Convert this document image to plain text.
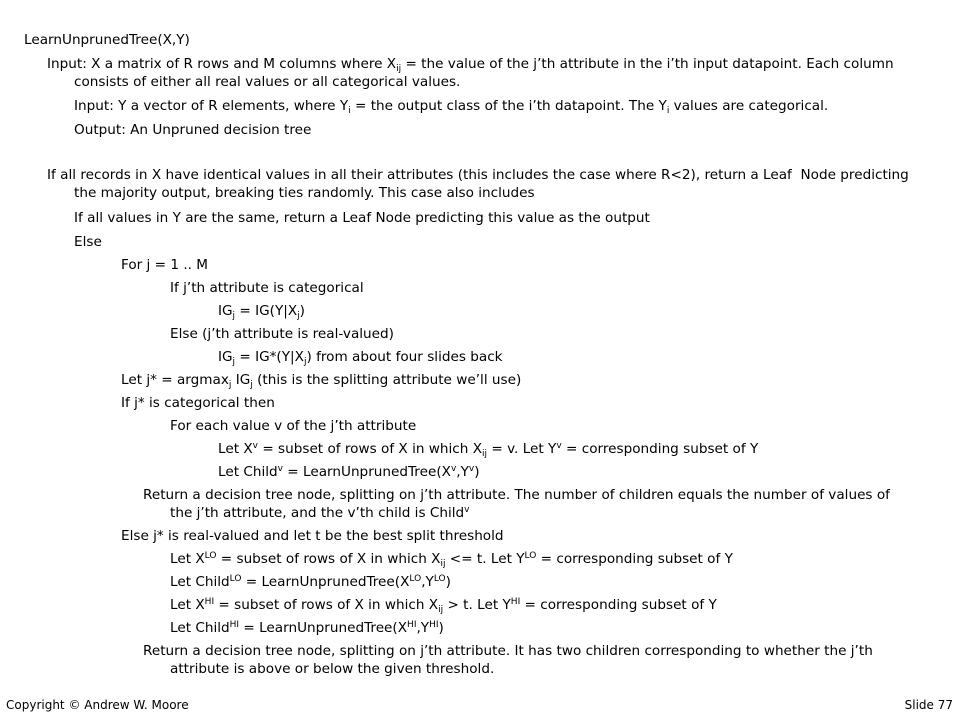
LearnUnprunedTree(X,Y)
Input: X a matrix of R rows and M columns where $X_{ij}$ = the value of the j’th attribute in the i’th input datapoint. Each column consists of either all real values or all categorical values.
Input: Y a vector of R elements, where $Y_i$ = the output class of the i’th datapoint. The $Y_i$ values are categorical.
Output: An Unpruned decision tree
If all records in X have identical values in all their attributes (this includes the case where R<2), return a Leaf  Node predicting the majority output, breaking ties randomly. This case also includes
If all values in Y are the same, return a Leaf Node predicting this value as the output
Else
For j = 1 .. M
If j’th attribute is categorical
$IG_j = IG(Y|X_j)$
Else (j’th attribute is real-valued)
$IG_j = IG*(Y|X_j)$ from about four slides back
Let j* = argmax$_j$ $IG_j$ (this is the splitting attribute we’ll use)
If j* is categorical then
For each value v of the j’th attribute
Let $X^v$ = subset of rows of X in which $X_{ij} = v$. Let $Y^v$ = corresponding subset of Y
Let Child$^v$ = $LearnUnprunedTree(X^v,Y^v)$
Return a decision tree node, splitting on j’th attribute. The number of children equals the number of values of the j’th attribute, and the v’th child is Child$^v$
Else j* is real-valued and let t be the best split threshold
Let $X^{LO}$ = subset of rows of X in which $X_{ij} <= t$. Let $Y^{LO}$ = corresponding subset of Y
Let Child$^{LO}$ = $LearnUnprunedTree(X^{LO},Y^{LO})$
Let $X^{HI}$ = subset of rows of X in which $X_{ij} > t$. Let $Y^{HI}$ = corresponding subset of Y
Let Child$^{HI}$ = $LearnUnprunedTree(X^{HI},Y^{HI})$
Return a decision tree node, splitting on j’th attribute. It has two children corresponding to whether the j’th attribute is above or below the given threshold.
Copyright © Andrew W. Moore	Slide 77
